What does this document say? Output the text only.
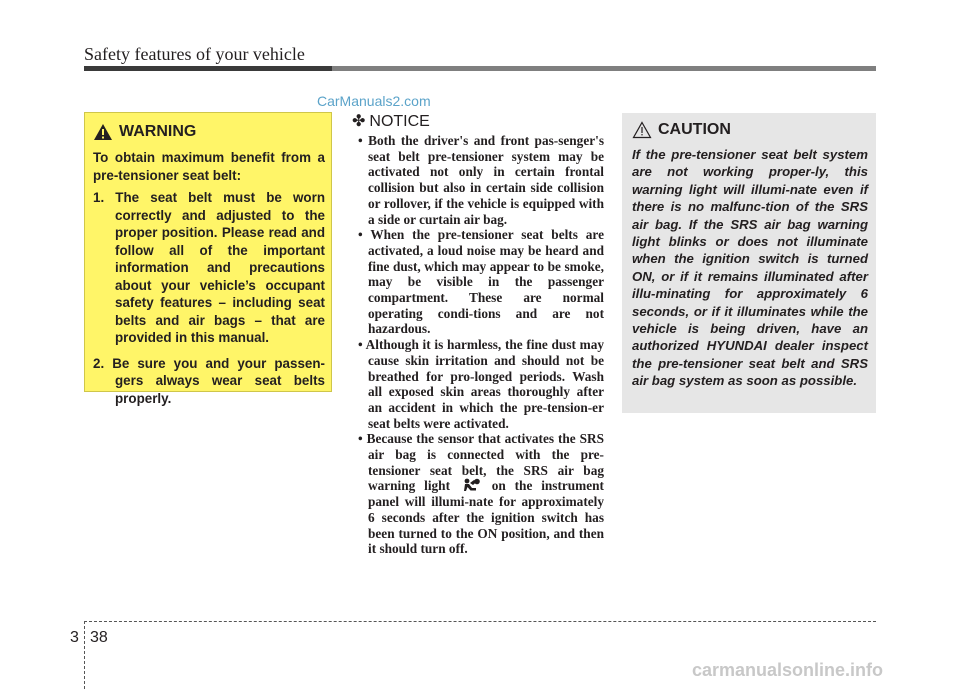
Safety features of your vehicle
CarManuals2.com
WARNING
To obtain maximum benefit from a pre-tensioner seat belt:
1. The seat belt must be worn correctly and adjusted to the proper position. Please read and follow all of the important information and precautions about your vehicle’s occupant safety features – including seat belts and air bags – that are provided in this manual.
2. Be sure you and your passen-gers always wear seat belts properly.
✤ NOTICE
• Both the driver's and front pas-senger's seat belt pre-tensioner system may be activated not only in certain frontal collision but also in certain side collision or rollover, if the vehicle is equipped with a side or curtain air bag.
• When the pre-tensioner seat belts are activated, a loud noise may be heard and fine dust, which may appear to be smoke, may be visible in the passenger compartment. These are normal operating condi-tions and are not hazardous.
• Although it is harmless, the fine dust may cause skin irritation and should not be breathed for pro-longed periods. Wash all exposed skin areas thoroughly after an accident in which the pre-tension-er seat belts were activated.
• Because the sensor that activates the SRS air bag is connected with the pre-tensioner seat belt, the SRS air bag warning light	on the instrument panel will illumi-nate for approximately 6 seconds after the ignition switch has been turned to the ON position, and then it should turn off.
CAUTION
If the pre-tensioner seat belt system are not working proper-ly, this warning light will illumi-nate even if there is no malfunc-tion of the SRS air bag. If the SRS air bag warning light blinks or does not illuminate when the ignition switch is turned ON, or if it remains illuminated after illu-minating for approximately 6 seconds, or if it illuminates while the vehicle is being driven, have an authorized HYUNDAI dealer inspect the pre-tensioner seat belt and SRS air bag system as soon as possible.
3 38
carmanualsonline.info
